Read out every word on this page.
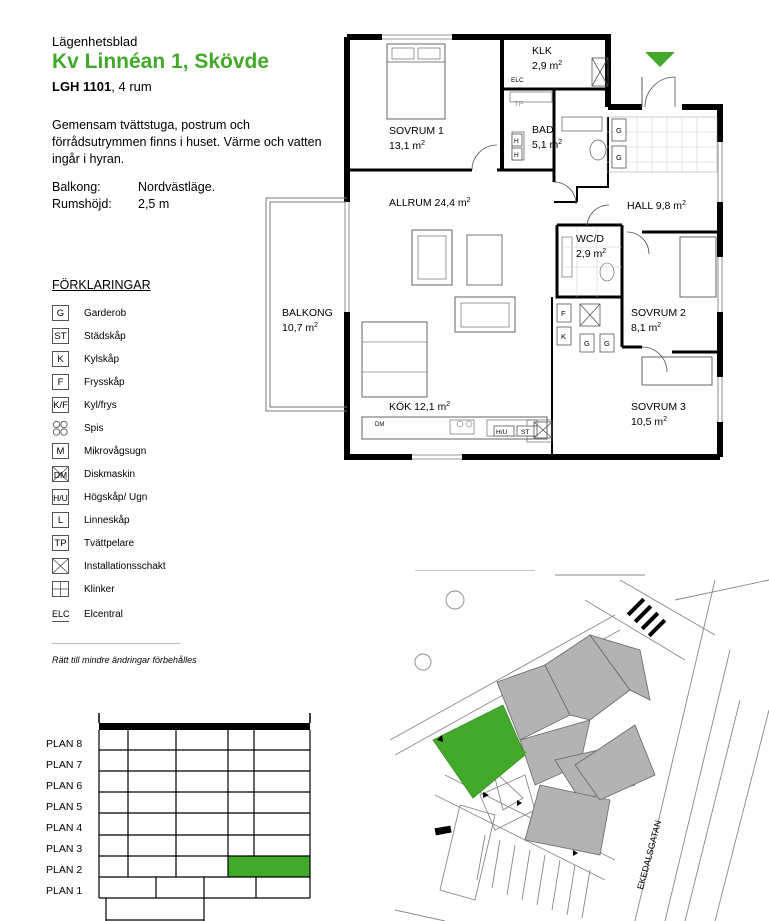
Lägenhetsblad
Kv Linnéan 1, Skövde
LGH 1101, 4 rum
Gemensam tvättstuga, postrum och förrådsutrymmen finns i huset. Värme och vatten ingår i hyran.
Balkong:	Nordvästläge.
Rumshöjd: 2,5 m
FÖRKLARINGAR
G	Garderob
ST Städskåp
K	Kylskåp
F	Frysskåp
K/F Kyl/frys
Spis
M	Mikrovågsugn
DM Diskmaskin
H/U Högskåp/ Ugn
L	Linneskåp
TP Tvättpelare
Installationsschakt
Klinker
ELC Elcentral
Rätt till mindre ändringar förbehålles
G
G
F
K
G G
TP
ELC
H
H
H/U ST
DM
KLK
2,9 $m^2$
BAD
5,1 $m^2$
SOVRUM 1
13,1 $m^2$
ALLRUM 24,4 $m^2$	HALL 9,8 $m^2$
WC/D
2,9 $m^2$
SOVRUM 2
8,1 $m^2$
SOVRUM 3
10,5 $m^2$
KÖK 12,1 $m^2$
BALKONG
10,7 $m^2$
PLAN 8
PLAN 7
PLAN 6
PLAN 5
PLAN 4
PLAN 3
PLAN 2
PLAN 1
EKEDALSGATAN
